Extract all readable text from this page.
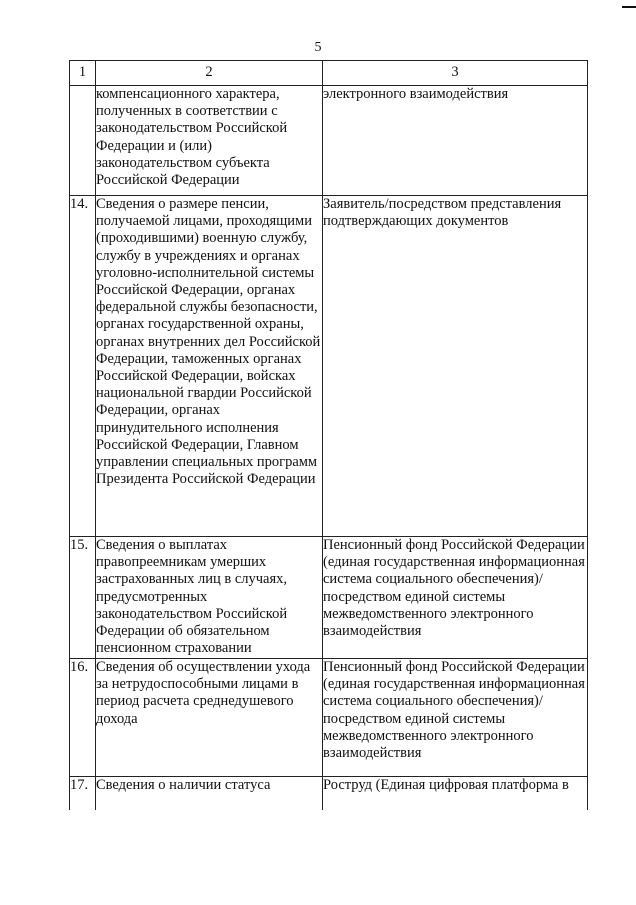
5
1	2	3

	компенсационного характера, полученных в соответствии с законодательством Российской Федерации и (или) законодательством субъекта Российской Федерации	электронного взаимодействия

14.	Сведения о размере пенсии, получаемой лицами, проходящими (проходившими) военную службу, службу в учреждениях и органах уголовно-исполнительной системы Российской Федерации, органах федеральной службы безопасности, органах государственной охраны, органах внутренних дел Российской Федерации, таможенных органах Российской Федерации, войсках национальной гвардии Российской Федерации, органах принудительного исполнения Российской Федерации, Главном управлении специальных программ Президента Российской Федерации	Заявитель/посредством представления подтверждающих документов

15.	Сведения о выплатах правопреемникам умерших застрахованных лиц в случаях, предусмотренных законодательством Российской Федерации об обязательном пенсионном страховании	Пенсионный фонд Российской Федерации (единая государственная информационная система социального обеспечения)/посредством единой системы межведомственного электронного взаимодействия

16.	Сведения об осуществлении ухода за нетрудоспособными лицами в период расчета среднедушевого дохода	Пенсионный фонд Российской Федерации (единая государственная информационная система социального обеспечения)/посредством единой системы межведомственного электронного взаимодействия

17.	Сведения о наличии статуса	Роструд (Единая цифровая платформа в
